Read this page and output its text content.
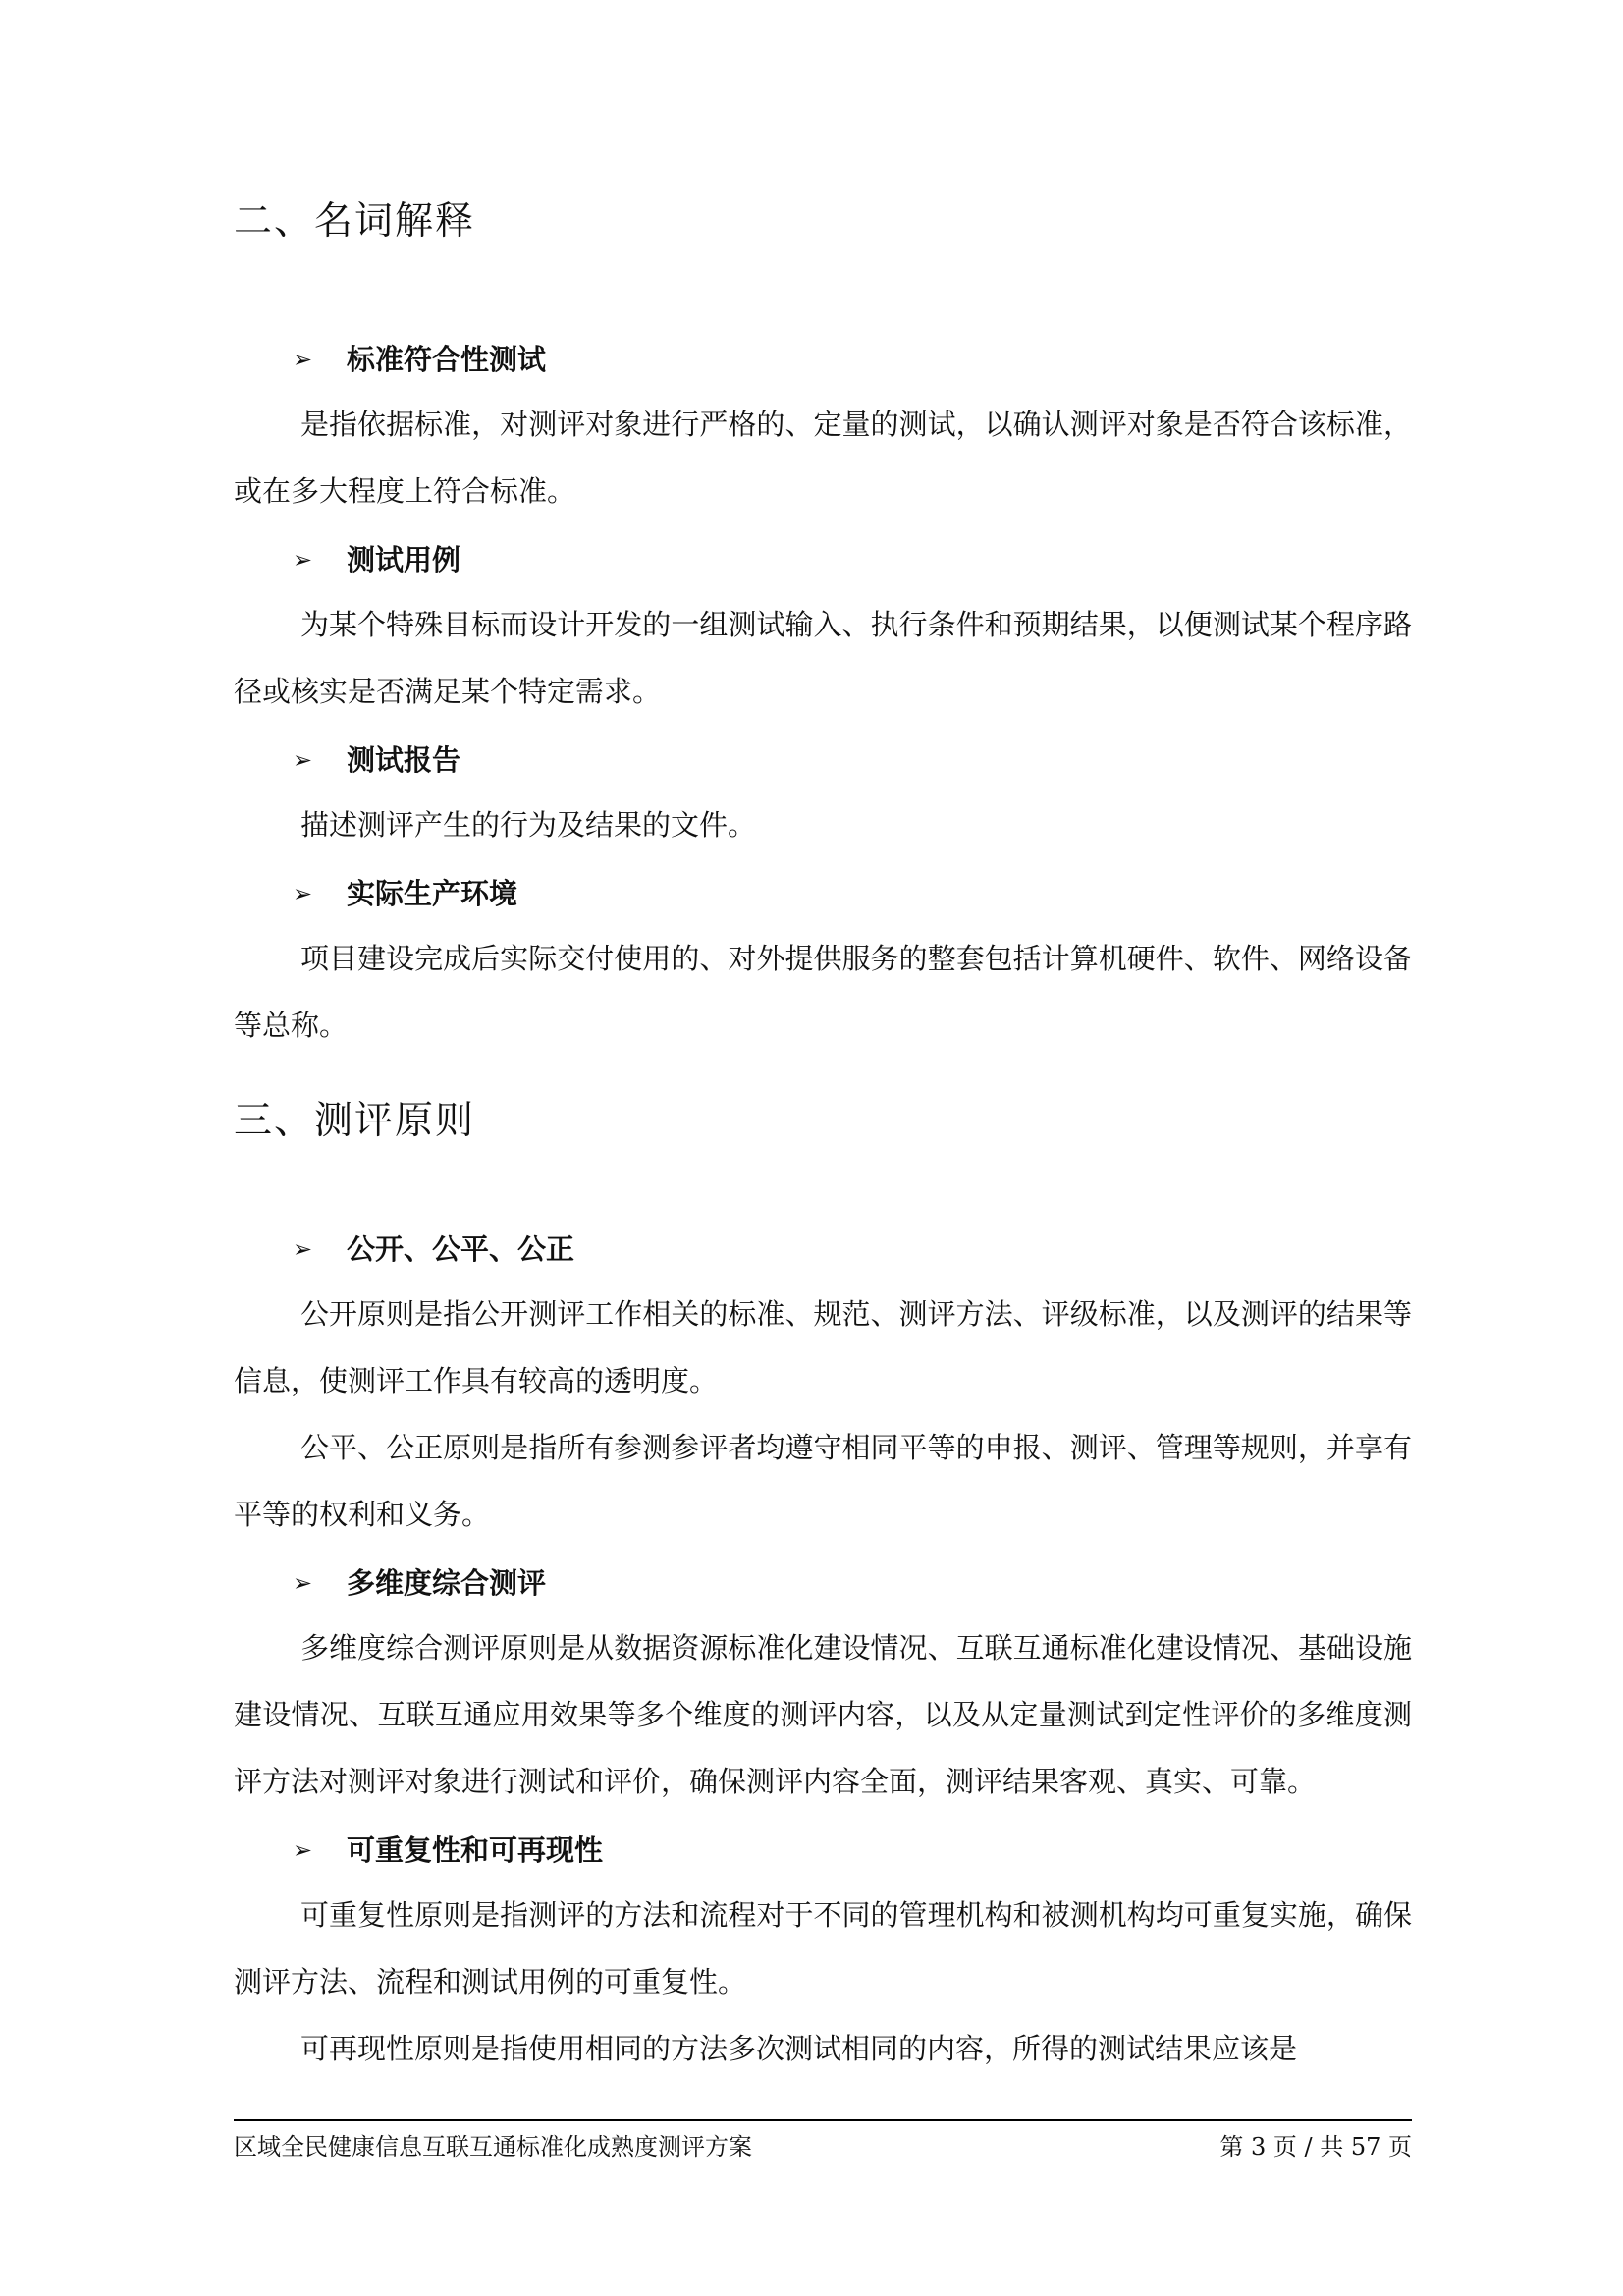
二、名词解释
➢ 标准符合性测试

是指依据标准，对测评对象进行严格的、定量的测试，以确认测评对象是否符合该标准，或在多大程度上符合标准。

➢ 测试用例

为某个特殊目标而设计开发的一组测试输入、执行条件和预期结果，以便测试某个程序路径或核实是否满足某个特定需求。

➢ 测试报告

描述测评产生的行为及结果的文件。

➢ 实际生产环境

项目建设完成后实际交付使用的、对外提供服务的整套包括计算机硬件、软件、网络设备等总称。

三、测评原则
➢ 公开、公平、公正

公开原则是指公开测评工作相关的标准、规范、测评方法、评级标准，以及测评的结果等信息，使测评工作具有较高的透明度。

公平、公正原则是指所有参测参评者均遵守相同平等的申报、测评、管理等规则，并享有平等的权利和义务。

➢ 多维度综合测评

多维度综合测评原则是从数据资源标准化建设情况、互联互通标准化建设情况、基础设施建设情况、互联互通应用效果等多个维度的测评内容，以及从定量测试到定性评价的多维度测评方法对测评对象进行测试和评价，确保测评内容全面，测评结果客观、真实、可靠。

➢ 可重复性和可再现性

可重复性原则是指测评的方法和流程对于不同的管理机构和被测机构均可重复实施，确保测评方法、流程和测试用例的可重复性。

可再现性原则是指使用相同的方法多次测试相同的内容，所得的测试结果应该是

区域全民健康信息互联互通标准化成熟度测评方案	第 3 页 / 共 57 页
